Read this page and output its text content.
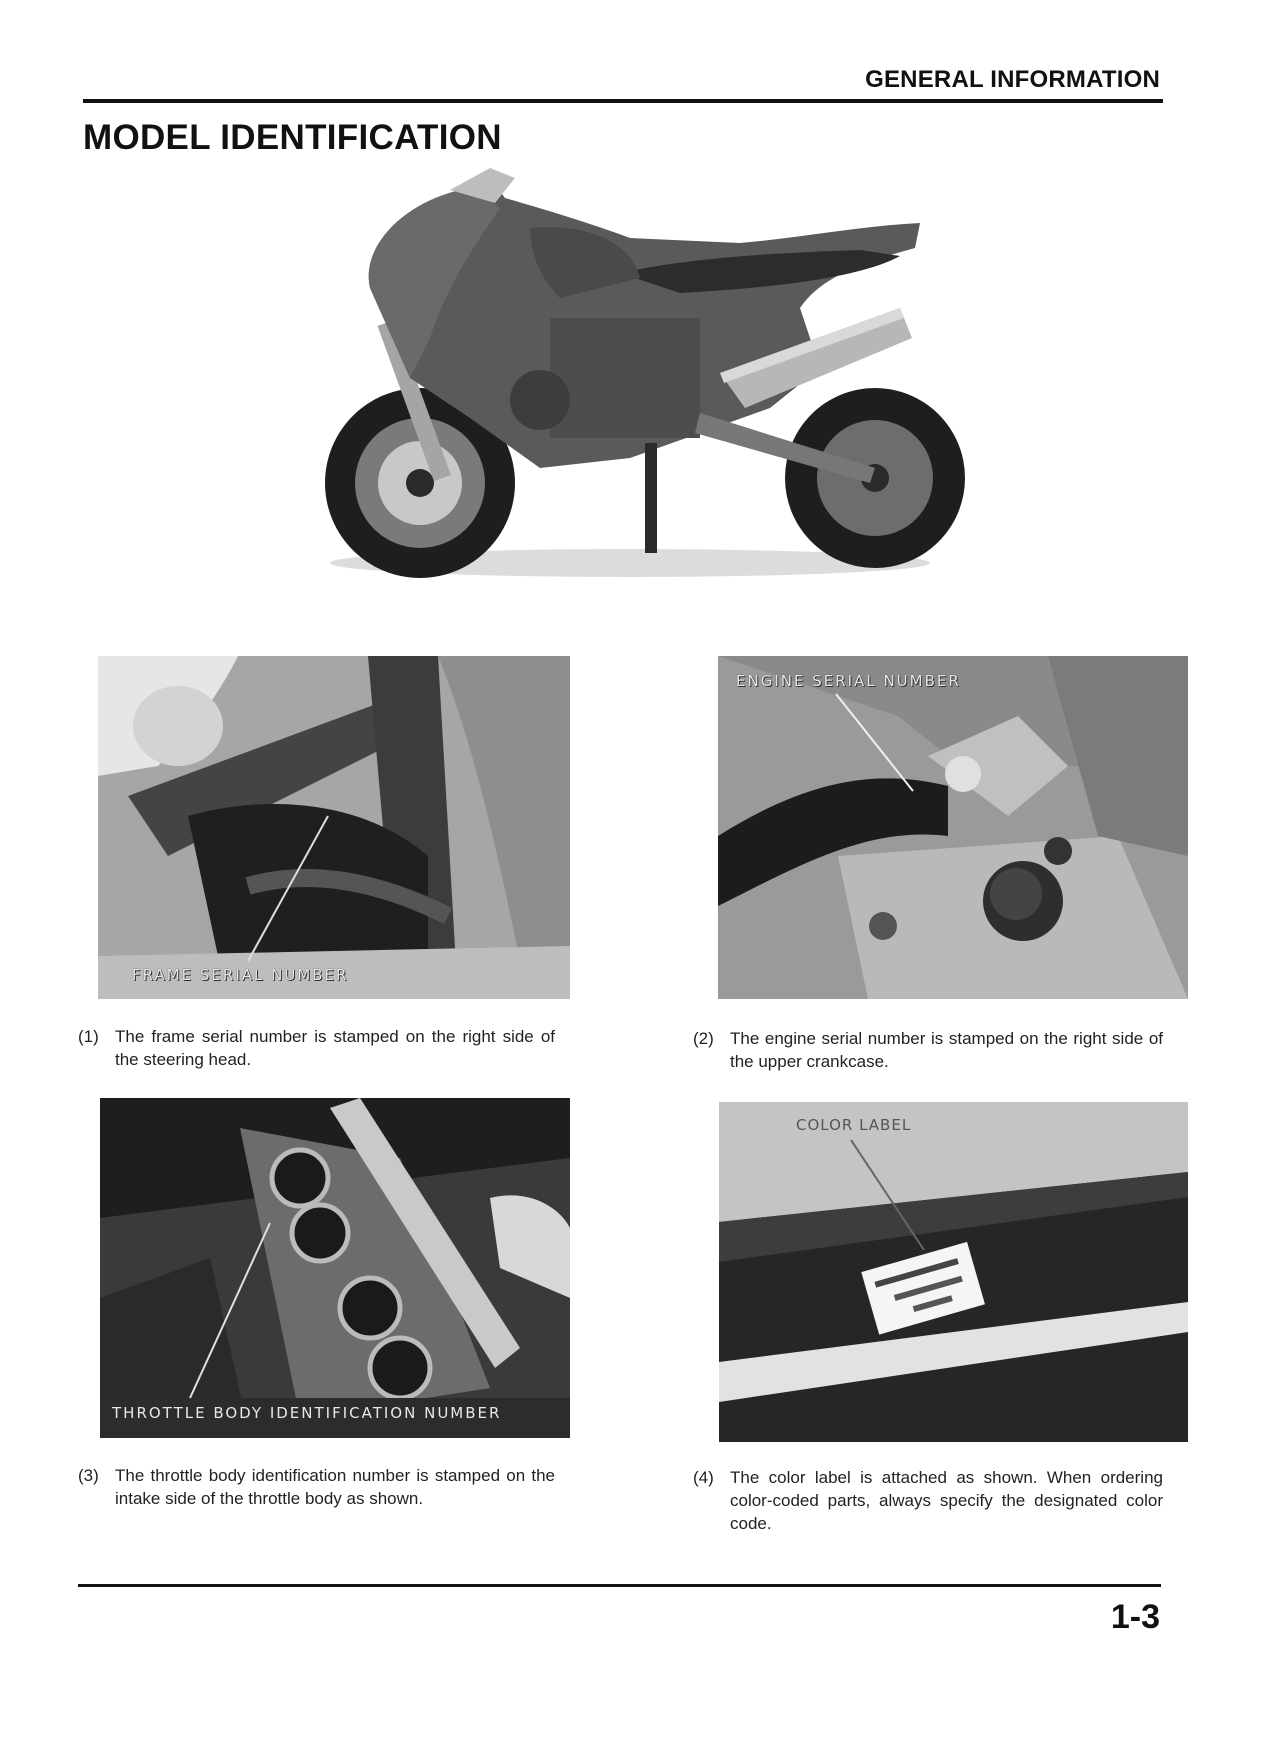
GENERAL INFORMATION
MODEL IDENTIFICATION
FRAME SERIAL NUMBER
ENGINE SERIAL NUMBER
(1) The frame serial number is stamped on the right side of the steering head.
(2) The engine serial number is stamped on the right side of the upper crankcase.
THROTTLE BODY IDENTIFICATION NUMBER
COLOR LABEL
(3) The throttle body identification number is stamped on the intake side of the throttle body as shown.
(4) The color label is attached as shown. When ordering color-coded parts, always specify the designated color code.
1-3
